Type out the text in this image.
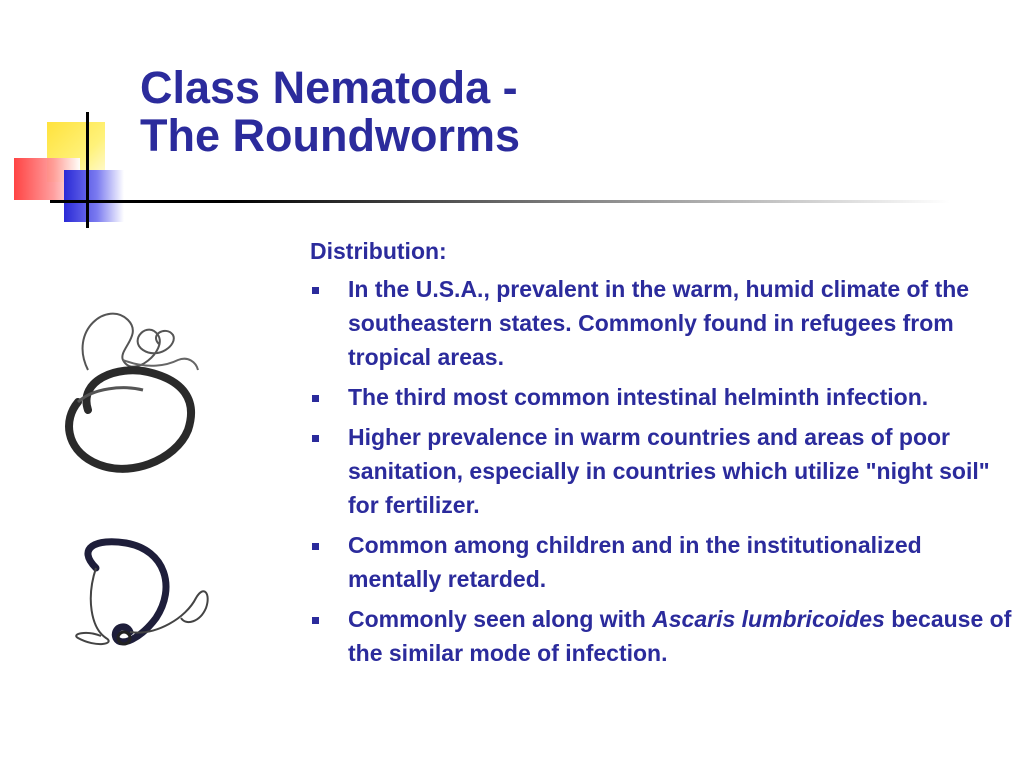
Class Nematoda -
The Roundworms
Distribution:
In the U.S.A., prevalent in the warm, humid climate of the southeastern states. Commonly found in refugees from tropical areas.
The third most common intestinal helminth infection.
Higher prevalence in warm countries and areas of poor sanitation, especially in countries which utilize "night soil" for fertilizer.
Common among children and in the institutionalized mentally retarded.
Commonly seen along with Ascaris lumbricoides because of the similar mode of infection.
